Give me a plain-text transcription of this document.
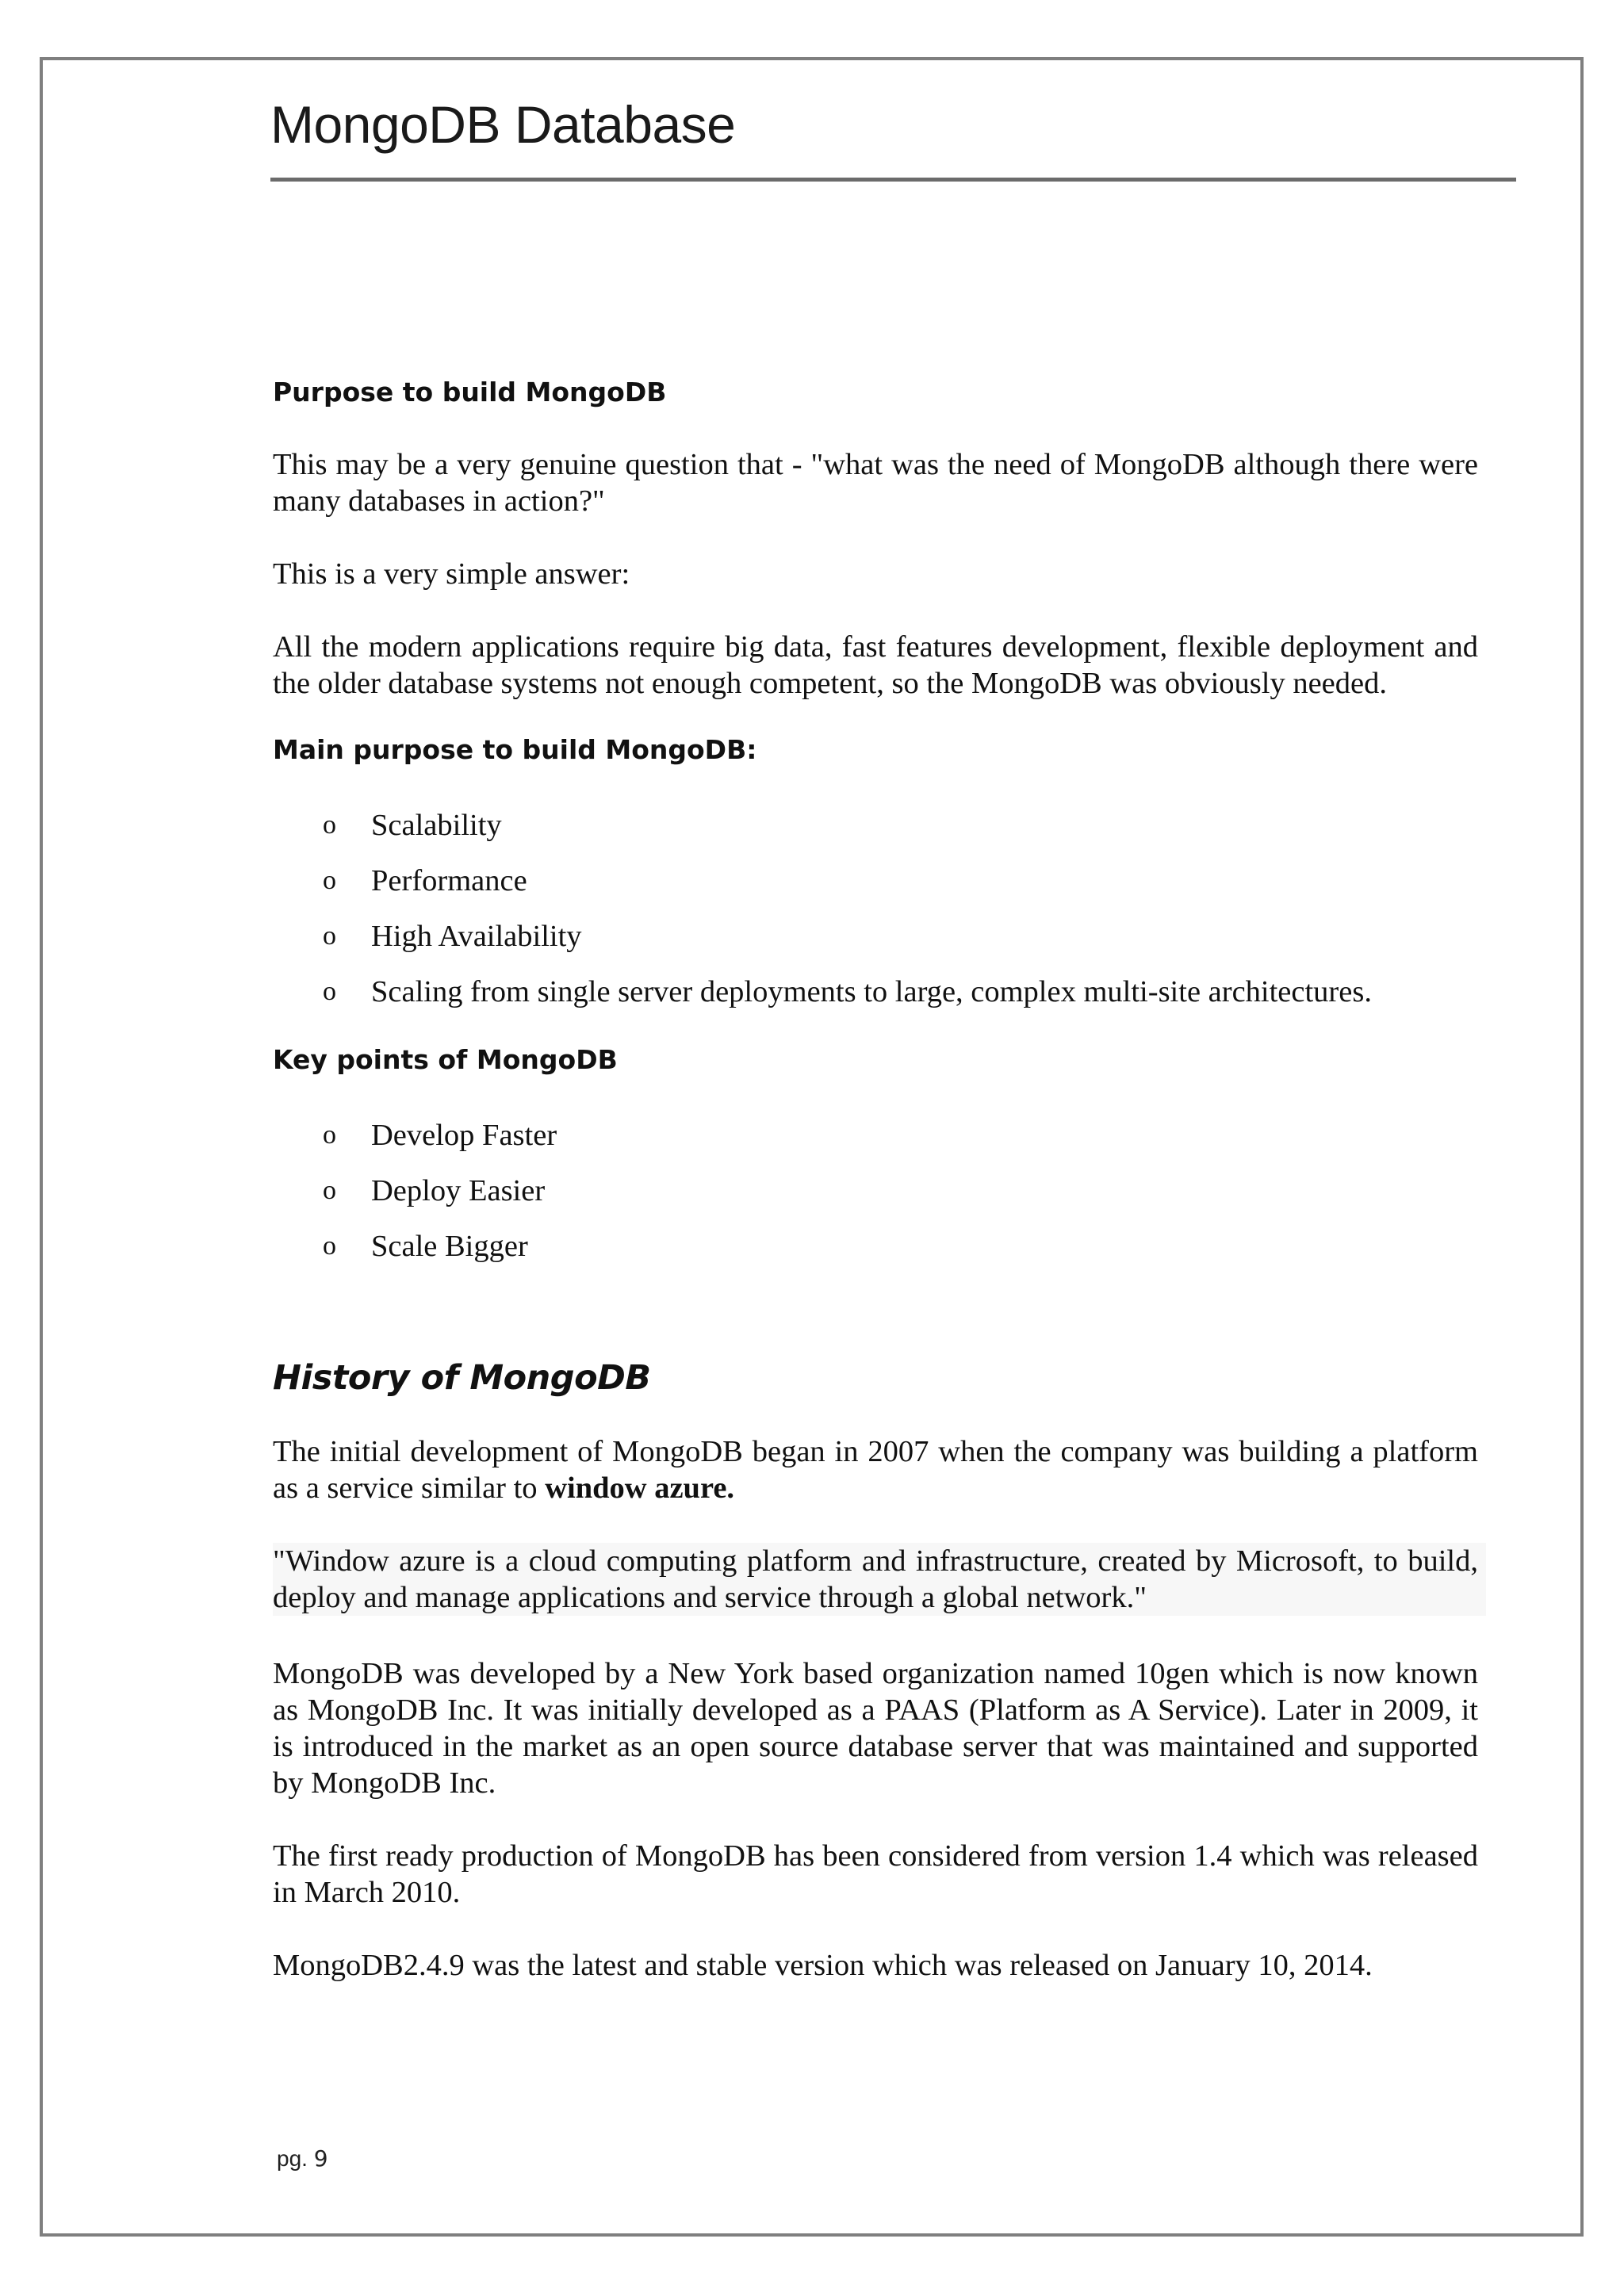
MongoDB Database
Purpose to build MongoDB

This may be a very genuine question that - "what was the need of MongoDB although there were many databases in action?"

This is a very simple answer:

All the modern applications require big data, fast features development, flexible deployment and the older database systems not enough competent, so the MongoDB was obviously needed.

Main purpose to build MongoDB:
o Scalability
o Performance
o High Availability
o Scaling from single server deployments to large, complex multi-site architectures.
Key points of MongoDB
o Develop Faster
o Deploy Easier
o Scale Bigger
History of MongoDB

The initial development of MongoDB began in 2007 when the company was building a platform as a service similar to window azure.

"Window azure is a cloud computing platform and infrastructure, created by Microsoft, to build, deploy and manage applications and service through a global network."

MongoDB was developed by a New York based organization named 10gen which is now known as MongoDB Inc. It was initially developed as a PAAS (Platform as A Service). Later in 2009, it is introduced in the market as an open source database server that was maintained and supported by MongoDB Inc.

The first ready production of MongoDB has been considered from version 1.4 which was released in March 2010.

MongoDB2.4.9 was the latest and stable version which was released on January 10, 2014.

pg. 9
